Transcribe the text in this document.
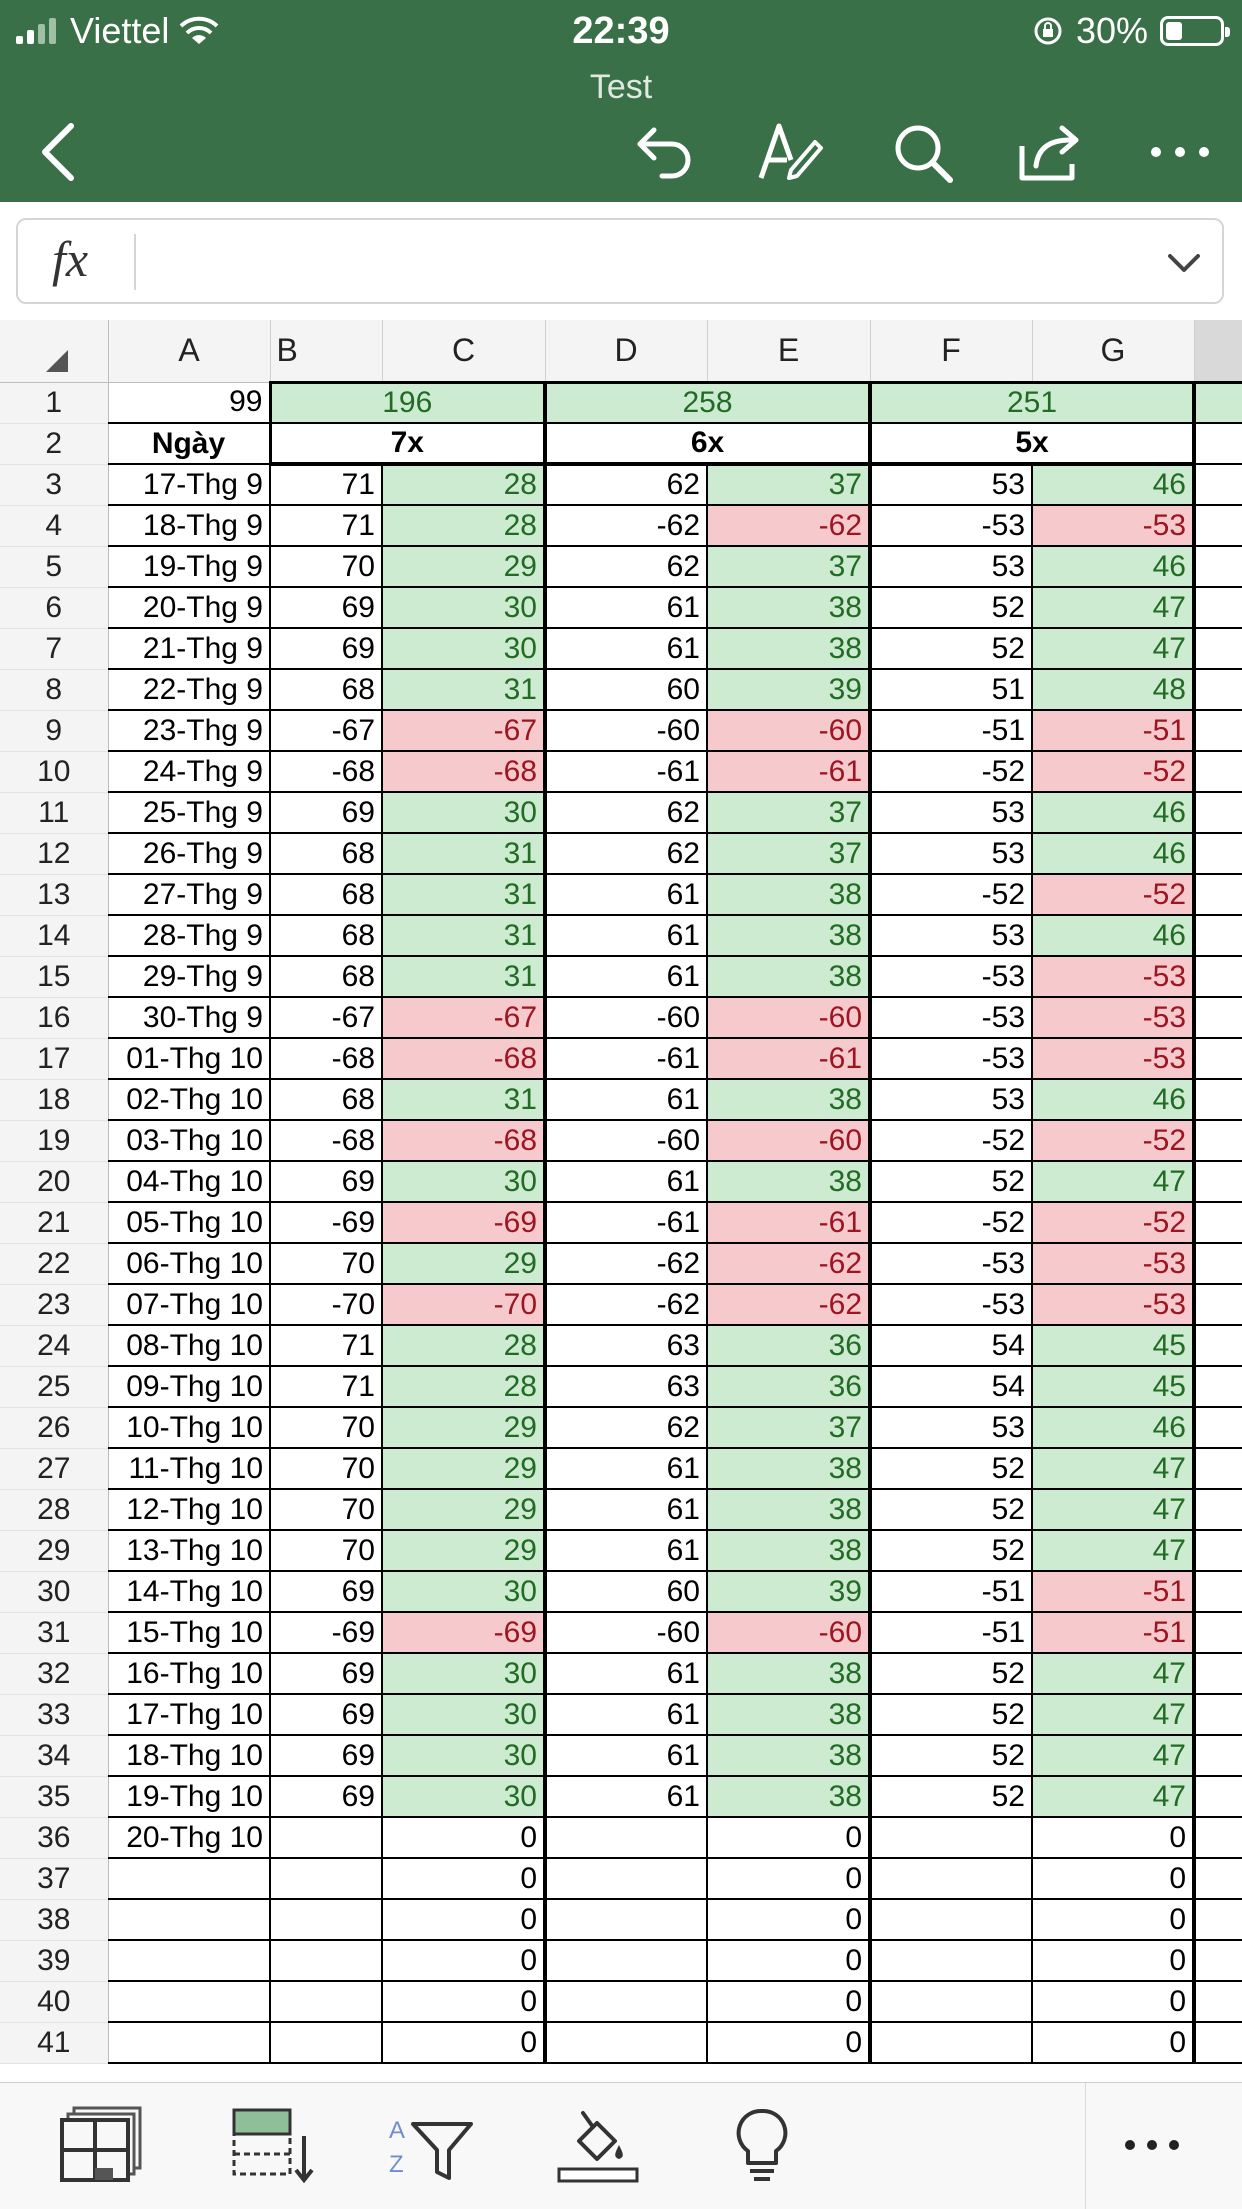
Viettel	22:39	30%
Test
fx
	A	B	C	D	E	F	G	
1	99	196		258		251		
2	Ngày	7x		6x		5x		
3	17-Thg 9	71	28	62	37	53	46	
4	18-Thg 9	71	28	-62	-62	-53	-53	
5	19-Thg 9	70	29	62	37	53	46	
6	20-Thg 9	69	30	61	38	52	47	
7	21-Thg 9	69	30	61	38	52	47	
8	22-Thg 9	68	31	60	39	51	48	
9	23-Thg 9	-67	-67	-60	-60	-51	-51	
10	24-Thg 9	-68	-68	-61	-61	-52	-52	
11	25-Thg 9	69	30	62	37	53	46	
12	26-Thg 9	68	31	62	37	53	46	
13	27-Thg 9	68	31	61	38	-52	-52	
14	28-Thg 9	68	31	61	38	53	46	
15	29-Thg 9	68	31	61	38	-53	-53	
16	30-Thg 9	-67	-67	-60	-60	-53	-53	
17	01-Thg 10	-68	-68	-61	-61	-53	-53	
18	02-Thg 10	68	31	61	38	53	46	
19	03-Thg 10	-68	-68	-60	-60	-52	-52	
20	04-Thg 10	69	30	61	38	52	47	
21	05-Thg 10	-69	-69	-61	-61	-52	-52	
22	06-Thg 10	70	29	-62	-62	-53	-53	
23	07-Thg 10	-70	-70	-62	-62	-53	-53	
24	08-Thg 10	71	28	63	36	54	45	
25	09-Thg 10	71	28	63	36	54	45	
26	10-Thg 10	70	29	62	37	53	46	
27	11-Thg 10	70	29	61	38	52	47	
28	12-Thg 10	70	29	61	38	52	47	
29	13-Thg 10	70	29	61	38	52	47	
30	14-Thg 10	69	30	60	39	-51	-51	
31	15-Thg 10	-69	-69	-60	-60	-51	-51	
32	16-Thg 10	69	30	61	38	52	47	
33	17-Thg 10	69	30	61	38	52	47	
34	18-Thg 10	69	30	61	38	52	47	
35	19-Thg 10	69	30	61	38	52	47	
36	20-Thg 10		0		0		0	
37			0		0		0	
38			0		0		0	
39			0		0		0	
40			0		0		0	
41			0		0		0	
A
Z
